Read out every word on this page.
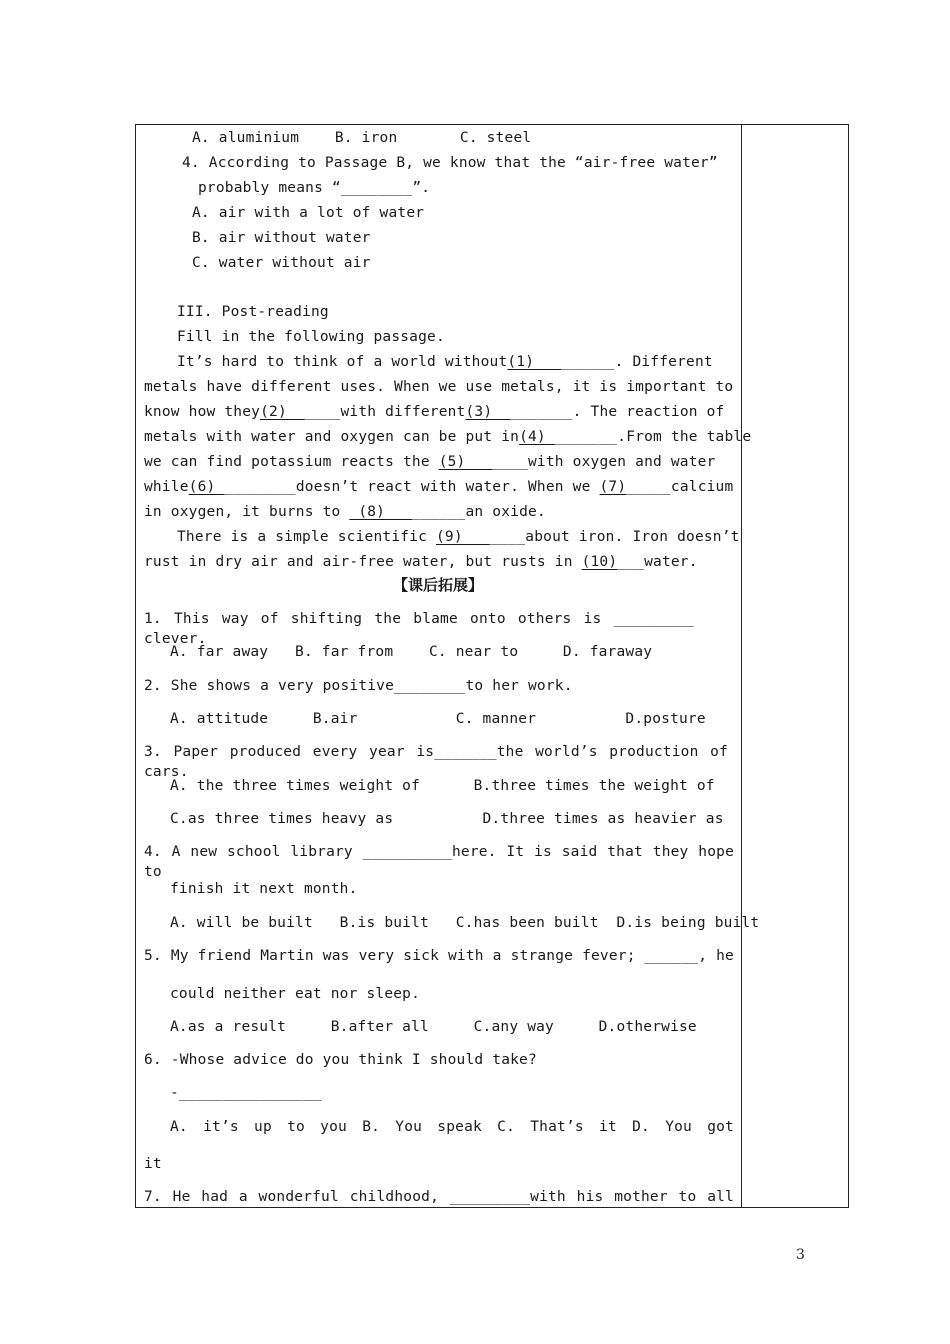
A. aluminium    B. iron       C. steel
4. According to Passage B, we know that the “air-free water”
probably means “________”.
A. air with a lot of water
B. air without water
C. water without air
III. Post-reading
Fill in the following passage.
It’s hard to think of a world without(1)_________. Different
metals have different uses. When we use metals, it is important to
know how they(2)______with different(3)_________. The reaction of
metals with water and oxygen can be put in(4)________.From the table
we can find potassium reacts the (5)_______with oxygen and water
while(6)_________doesn’t react with water. When we (7)_____calcium
in oxygen, it burns to _(8)_________an oxide.
There is a simple scientific (9)_______about iron. Iron doesn’t
rust in dry air and air-free water, but rusts in (10)___water.
【课后拓展】
1. This way of shifting the blame onto others is _________ clever.
A. far away   B. far from    C. near to     D. faraway
2. She shows a very positive________to her work.
A. attitude     B.air           C. manner          D.posture
3. Paper produced every year is_______the world’s production of cars.
A. the three times weight of      B.three times the weight of
C.as three times heavy as          D.three times as heavier as
4. A new school library __________here. It is said that they hope to
finish it next month.
A. will be built   B.is built   C.has been built  D.is being built
5. My friend Martin was very sick with a strange fever; ______, he
could neither eat nor sleep.
A.as a result     B.after all     C.any way     D.otherwise
6. -Whose advice do you think I should take?
-________________
A. it’s up to you B. You speak C. That’s it D. You got
it
7. He had a wonderful childhood, _________with his mother to all
3
